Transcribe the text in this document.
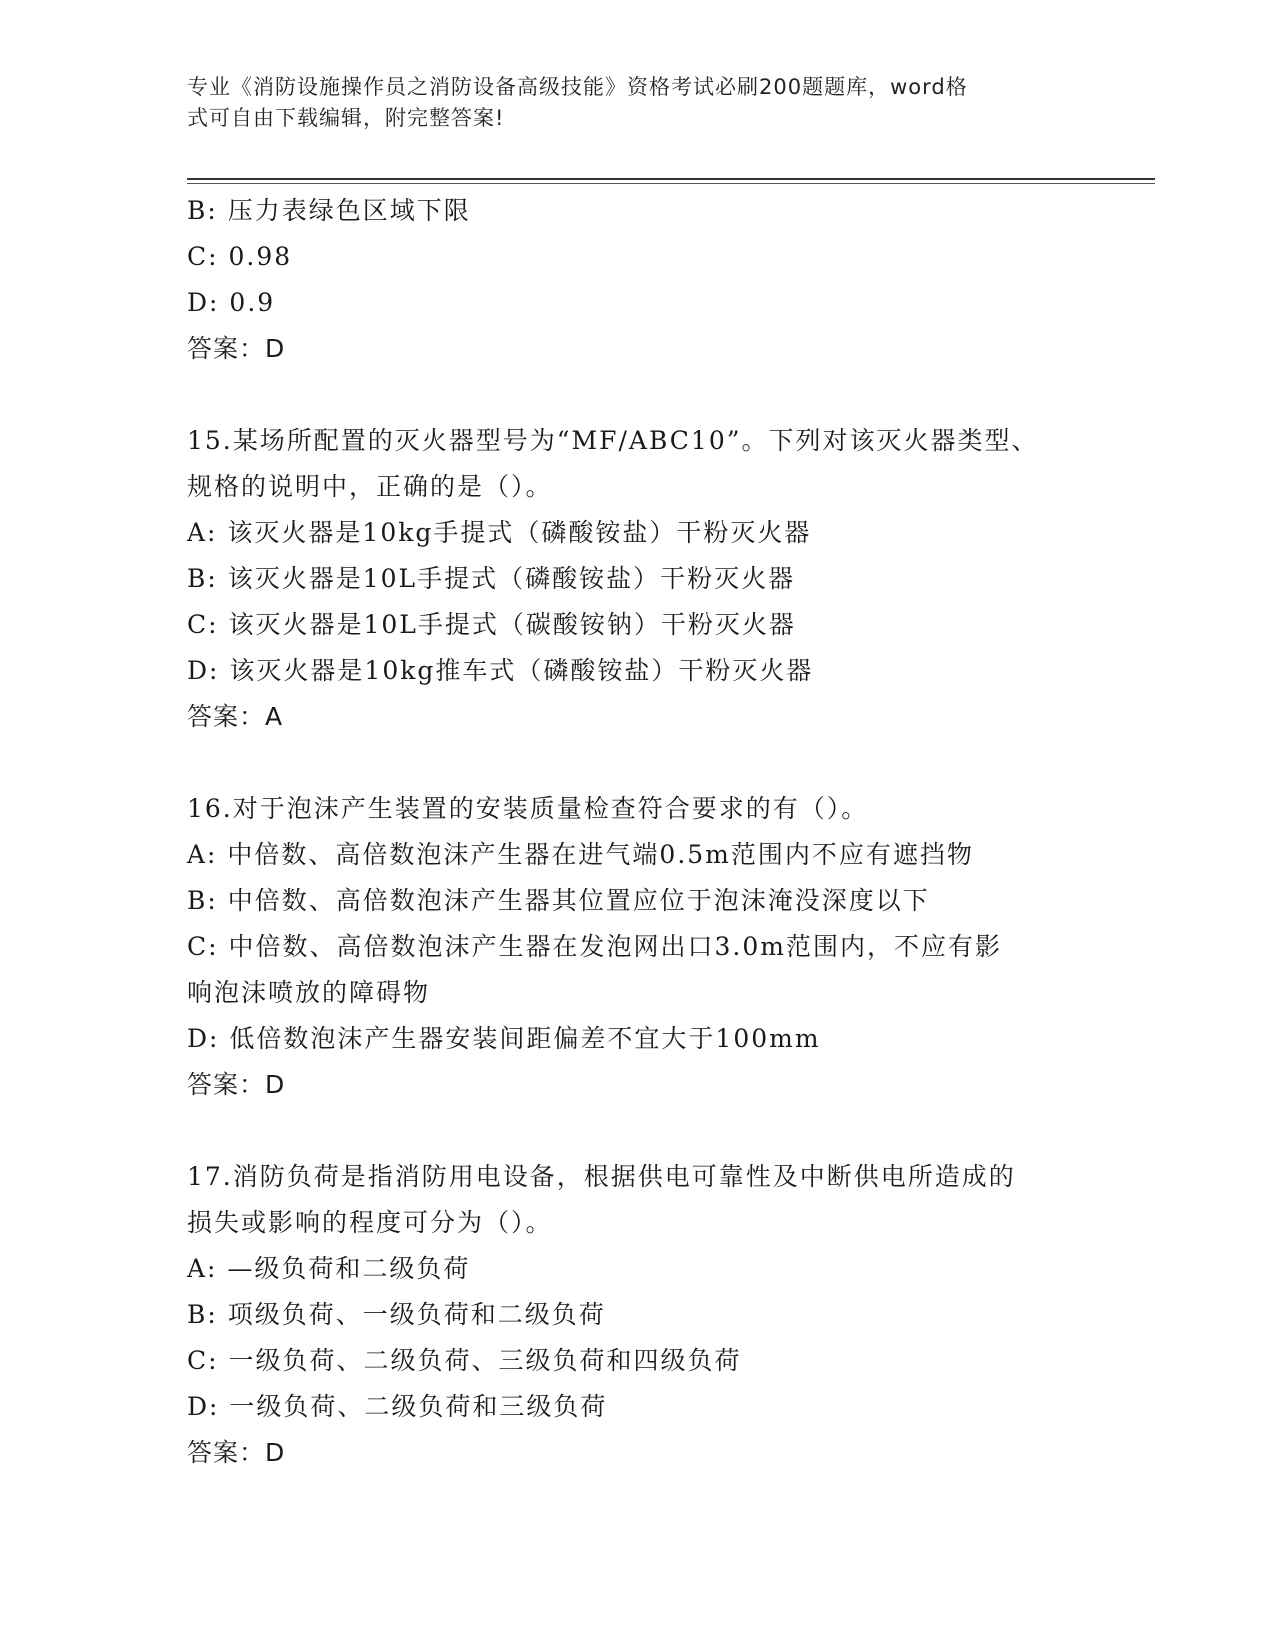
专业《消防设施操作员之消防设备高级技能》资格考试必刷200题题库，word格
式可自由下载编辑，附完整答案!
B: 压力表绿色区域下限
C: 0.98
D: 0.9
答案：D
15.某场所配置的灭火器型号为“MF/ABC10”。下列对该灭火器类型、
规格的说明中，正确的是（）。
A: 该灭火器是10kg手提式（磷酸铵盐）干粉灭火器
B: 该灭火器是10L手提式（磷酸铵盐）干粉灭火器
C: 该灭火器是10L手提式（碳酸铵钠）干粉灭火器
D: 该灭火器是10kg推车式（磷酸铵盐）干粉灭火器
答案：A
16.对于泡沫产生装置的安装质量检查符合要求的有（）。
A: 中倍数、高倍数泡沫产生器在进气端0.5m范围内不应有遮挡物
B: 中倍数、高倍数泡沫产生器其位置应位于泡沫淹没深度以下
C: 中倍数、高倍数泡沫产生器在发泡网出口3.0m范围内，不应有影
响泡沫喷放的障碍物
D: 低倍数泡沫产生器安装间距偏差不宜大于100mm
答案：D
17.消防负荷是指消防用电设备，根据供电可靠性及中断供电所造成的
损失或影响的程度可分为（）。
A: —级负荷和二级负荷
B: 项级负荷、一级负荷和二级负荷
C: 一级负荷、二级负荷、三级负荷和四级负荷
D: 一级负荷、二级负荷和三级负荷
答案：D
